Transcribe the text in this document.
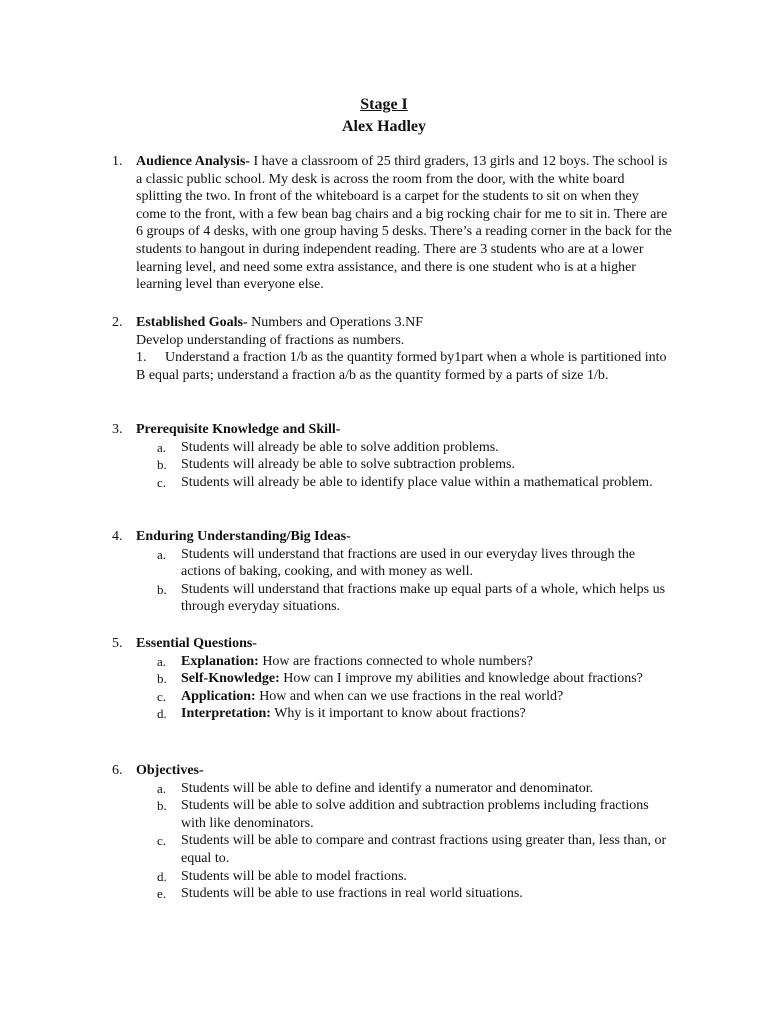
Stage I
Alex Hadley
1. Audience Analysis- I have a classroom of 25 third graders, 13 girls and 12 boys. The school is a classic public school. My desk is across the room from the door, with the white board splitting the two. In front of the whiteboard is a carpet for the students to sit on when they come to the front, with a few bean bag chairs and a big rocking chair for me to sit in. There are 6 groups of 4 desks, with one group having 5 desks. There’s a reading corner in the back for the students to hangout in during independent reading. There are 3 students who are at a lower learning level, and need some extra assistance, and there is one student who is at a higher learning level than everyone else.
2. Established Goals- Numbers and Operations 3.NF
Develop understanding of fractions as numbers.
1. Understand a fraction 1/b as the quantity formed by1part when a whole is partitioned into
B equal parts; understand a fraction a/b as the quantity formed by a parts of size 1/b.
3. Prerequisite Knowledge and Skill-
a. Students will already be able to solve addition problems.
b. Students will already be able to solve subtraction problems.
c. Students will already be able to identify place value within a mathematical problem.
4. Enduring Understanding/Big Ideas-
a. Students will understand that fractions are used in our everyday lives through the actions of baking, cooking, and with money as well.
b. Students will understand that fractions make up equal parts of a whole, which helps us through everyday situations.
5. Essential Questions-
a. Explanation: How are fractions connected to whole numbers?
b. Self-Knowledge: How can I improve my abilities and knowledge about fractions?
c. Application: How and when can we use fractions in the real world?
d. Interpretation: Why is it important to know about fractions?
6. Objectives-
a. Students will be able to define and identify a numerator and denominator.
b. Students will be able to solve addition and subtraction problems including fractions with like denominators.
c. Students will be able to compare and contrast fractions using greater than, less than, or equal to.
d. Students will be able to model fractions.
e. Students will be able to use fractions in real world situations.
